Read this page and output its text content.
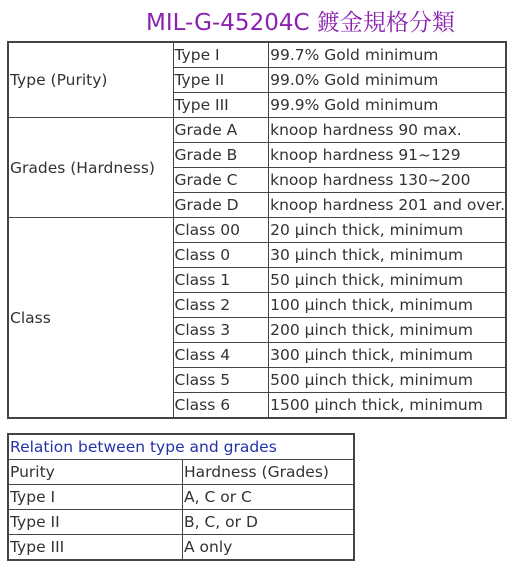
MIL-G-45204C 鍍金規格分類
Type (Purity)	Type I	99.7% Gold minimum
	Type II	99.0% Gold minimum
	Type III	99.9% Gold minimum
Grades (Hardness)	Grade A	knoop hardness 90 max.
	Grade B	knoop hardness 91~129
	Grade C	knoop hardness 130~200
	Grade D	knoop hardness 201 and over.
Class	Class 00	20 µinch thick, minimum
	Class 0	30 µinch thick, minimum
	Class 1	50 µinch thick, minimum
	Class 2	100 µinch thick, minimum
	Class 3	200 µinch thick, minimum
	Class 4	300 µinch thick, minimum
	Class 5	500 µinch thick, minimum
	Class 6	1500 µinch thick, minimum
Relation between type and grades	
Purity	Hardness (Grades)
Type I	A, C or C
Type II	B, C, or D
Type III	A only
